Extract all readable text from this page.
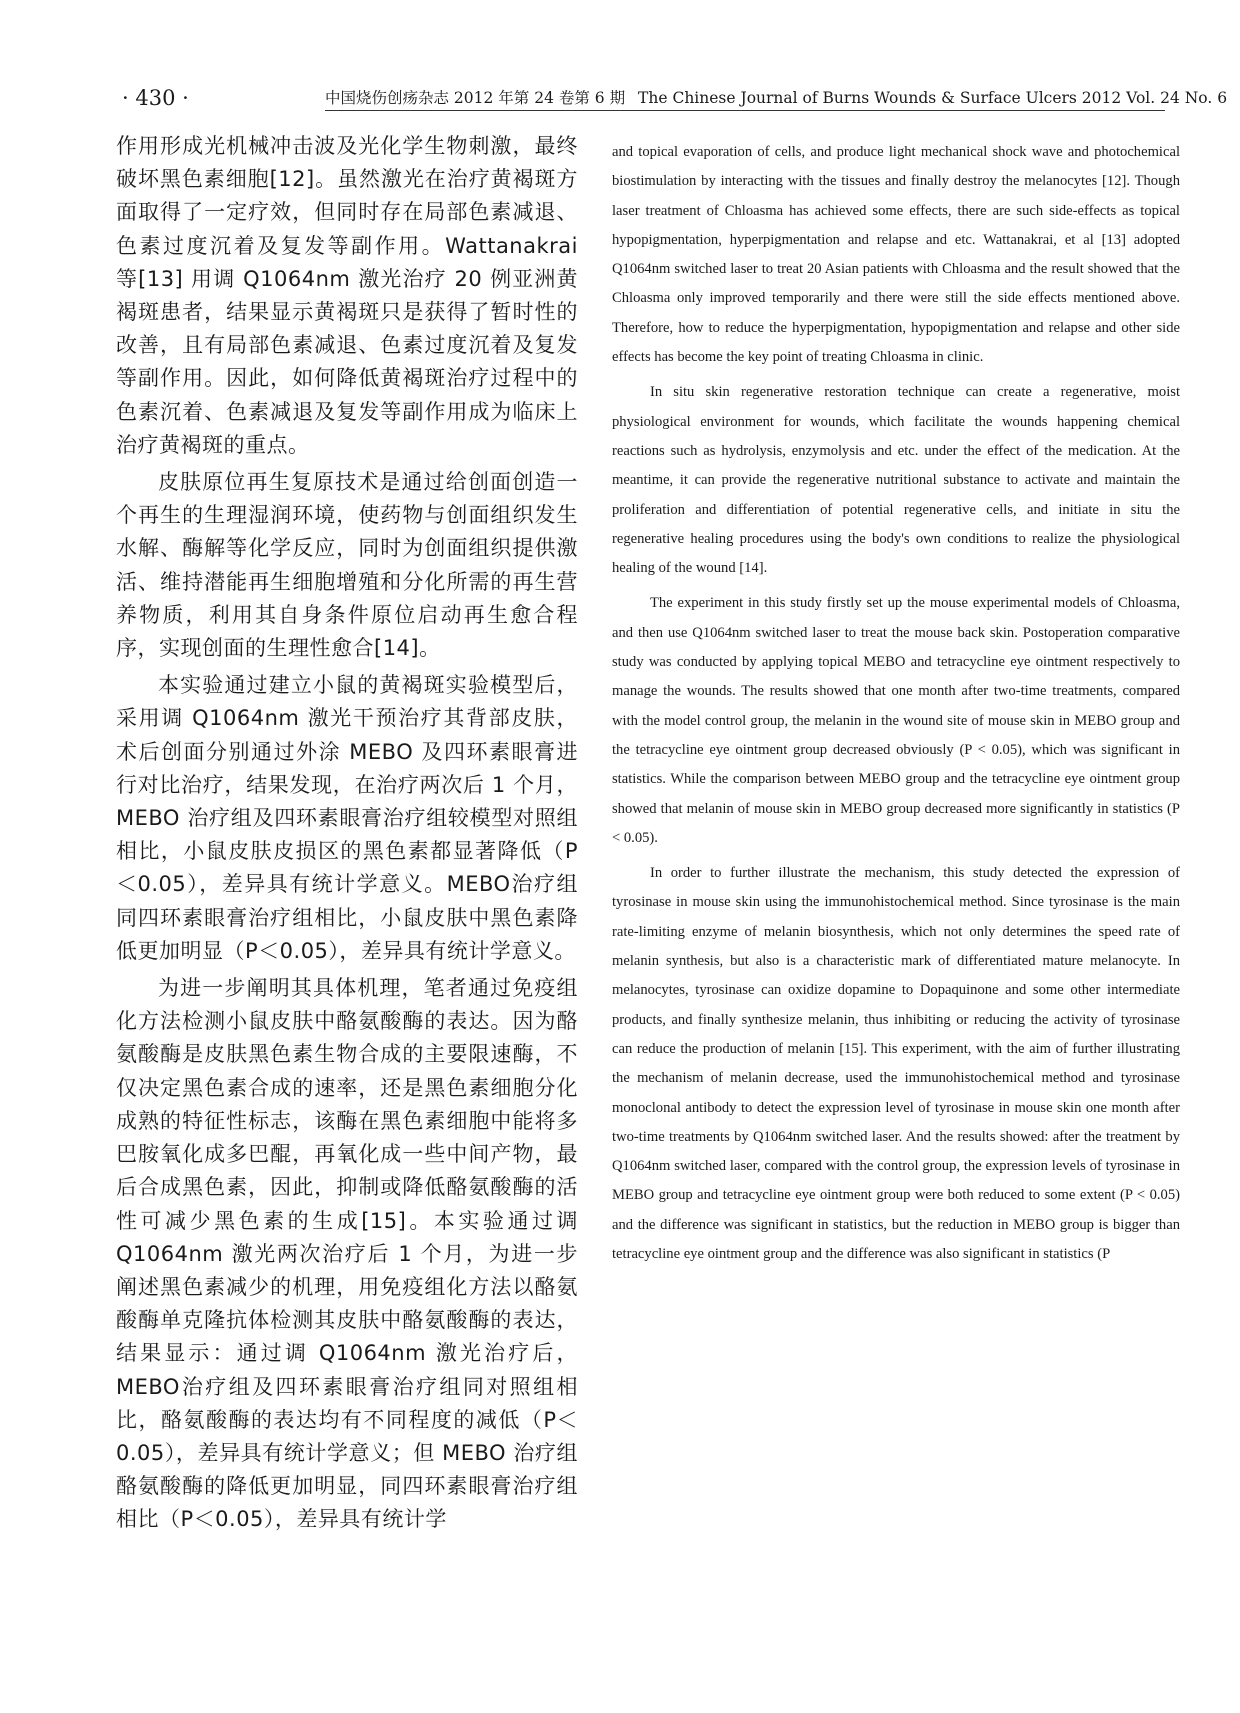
· 430 ·	中国烧伤创疡杂志 2012 年第 24 卷第 6 期 The Chinese Journal of Burns Wounds & Surface Ulcers 2012 Vol. 24 No. 6

作用形成光机械冲击波及光化学生物刺激，最终破坏黑色素细胞[12]。虽然激光在治疗黄褐斑方面取得了一定疗效，但同时存在局部色素减退、色素过度沉着及复发等副作用。Wattanakrai 等[13] 用调 Q1064nm 激光治疗 20 例亚洲黄褐斑患者，结果显示黄褐斑只是获得了暂时性的改善，且有局部色素减退、色素过度沉着及复发等副作用。因此，如何降低黄褐斑治疗过程中的色素沉着、色素减退及复发等副作用成为临床上治疗黄褐斑的重点。

皮肤原位再生复原技术是通过给创面创造一个再生的生理湿润环境，使药物与创面组织发生水解、酶解等化学反应，同时为创面组织提供激活、维持潜能再生细胞增殖和分化所需的再生营养物质，利用其自身条件原位启动再生愈合程序，实现创面的生理性愈合[14]。

本实验通过建立小鼠的黄褐斑实验模型后，采用调 Q1064nm 激光干预治疗其背部皮肤，术后创面分别通过外涂 MEBO 及四环素眼膏进行对比治疗，结果发现，在治疗两次后 1 个月，MEBO 治疗组及四环素眼膏治疗组较模型对照组相比，小鼠皮肤皮损区的黑色素都显著降低（P＜0.05），差异具有统计学意义。MEBO治疗组同四环素眼膏治疗组相比，小鼠皮肤中黑色素降低更加明显（P＜0.05），差异具有统计学意义。

为进一步阐明其具体机理，笔者通过免疫组化方法检测小鼠皮肤中酪氨酸酶的表达。因为酪氨酸酶是皮肤黑色素生物合成的主要限速酶，不仅决定黑色素合成的速率，还是黑色素细胞分化成熟的特征性标志，该酶在黑色素细胞中能将多巴胺氧化成多巴醌，再氧化成一些中间产物，最后合成黑色素，因此，抑制或降低酪氨酸酶的活性可减少黑色素的生成[15]。本实验通过调 Q1064nm 激光两次治疗后 1 个月，为进一步阐述黑色素减少的机理，用免疫组化方法以酪氨酸酶单克隆抗体检测其皮肤中酪氨酸酶的表达，结果显示：通过调 Q1064nm 激光治疗后，MEBO治疗组及四环素眼膏治疗组同对照组相比，酪氨酸酶的表达均有不同程度的减低（P＜0.05），差异具有统计学意义；但 MEBO 治疗组酪氨酸酶的降低更加明显，同四环素眼膏治疗组相比（P＜0.05），差异具有统计学

and topical evaporation of cells, and produce light mechanical shock wave and photochemical biostimulation by interacting with the tissues and finally destroy the melanocytes [12]. Though laser treatment of Chloasma has achieved some effects, there are such side-effects as topical hypopigmentation, hyperpigmentation and relapse and etc. Wattanakrai, et al [13] adopted Q1064nm switched laser to treat 20 Asian patients with Chloasma and the result showed that the Chloasma only improved temporarily and there were still the side effects mentioned above. Therefore, how to reduce the hyperpigmentation, hypopigmentation and relapse and other side effects has become the key point of treating Chloasma in clinic.

In situ skin regenerative restoration technique can create a regenerative, moist physiological environment for wounds, which facilitate the wounds happening chemical reactions such as hydrolysis, enzymolysis and etc. under the effect of the medication. At the meantime, it can provide the regenerative nutritional substance to activate and maintain the proliferation and differentiation of potential regenerative cells, and initiate in situ the regenerative healing procedures using the body's own conditions to realize the physiological healing of the wound [14].

The experiment in this study firstly set up the mouse experimental models of Chloasma, and then use Q1064nm switched laser to treat the mouse back skin. Postoperation comparative study was conducted by applying topical MEBO and tetracycline eye ointment respectively to manage the wounds. The results showed that one month after two-time treatments, compared with the model control group, the melanin in the wound site of mouse skin in MEBO group and the tetracycline eye ointment group decreased obviously (P < 0.05), which was significant in statistics. While the comparison between MEBO group and the tetracycline eye ointment group showed that melanin of mouse skin in MEBO group decreased more significantly in statistics (P < 0.05).

In order to further illustrate the mechanism, this study detected the expression of tyrosinase in mouse skin using the immunohistochemical method. Since tyrosinase is the main rate-limiting enzyme of melanin biosynthesis, which not only determines the speed rate of melanin synthesis, but also is a characteristic mark of differentiated mature melanocyte. In melanocytes, tyrosinase can oxidize dopamine to Dopaquinone and some other intermediate products, and finally synthesize melanin, thus inhibiting or reducing the activity of tyrosinase can reduce the production of melanin [15]. This experiment, with the aim of further illustrating the mechanism of melanin decrease, used the immunohistochemical method and tyrosinase monoclonal antibody to detect the expression level of tyrosinase in mouse skin one month after two-time treatments by Q1064nm switched laser. And the results showed: after the treatment by Q1064nm switched laser, compared with the control group, the expression levels of tyrosinase in MEBO group and tetracycline eye ointment group were both reduced to some extent (P < 0.05) and the difference was significant in statistics, but the reduction in MEBO group is bigger than tetracycline eye ointment group and the difference was also significant in statistics (P
